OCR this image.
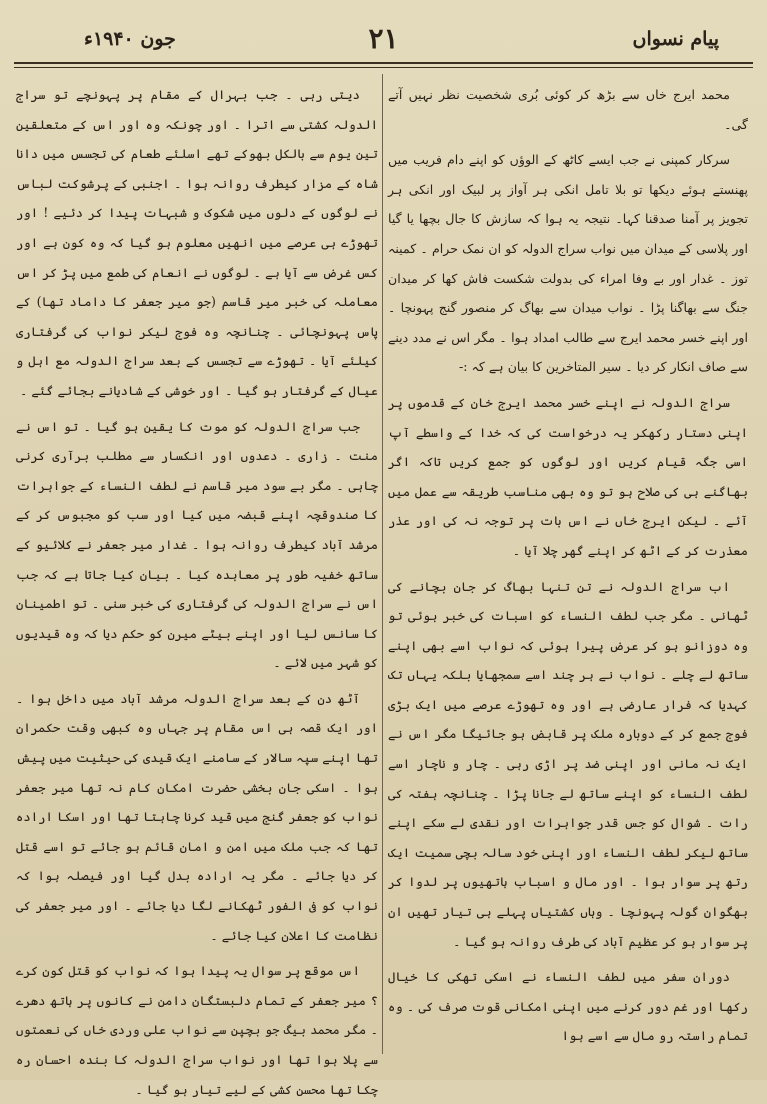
پیام نسواں
۲۱
جون ۱۹۴۰ء

محمد ایرج خاں سے بڑھ کر کوئی بُری شخصیت نظر نہیں آتے گی۔

سرکار کمپنی نے جب ایسے کاٹھ کے الوؤں کو اپنے دام فریب میں پھنستے ہوئے دیکھا تو بلا تامل انکی ہر آواز پر لبیک اور انکی ہر تجویز پر آمنا صدقنا کہا۔ نتیجہ یہ ہوا کہ سازش کا جال بچھا یا گیا اور پلاسی کے میدان میں نواب سراج الدولہ کو ان نمک حرام ۔ کمینہ توز ۔ غدار اور بے وفا امراء کی بدولت شکست فاش کھا کر میدان جنگ سے بھاگنا پڑا ۔ نواب میدان سے بھاگ کر منصور گنج پہونچا ۔ اور اپنے خسر محمد ایرج سے طالب امداد ہوا ۔ مگر اس نے مدد دینے سے صاف انکار کر دیا ۔ سیر المتاخرین کا بیان ہے کہ :-

سراج الدولہ نے اپنے خسر محمد ایرج خان کے قدموں پر اپنی دستار رکھکر یہ درخواست کی کہ خدا کے واسطے آپ اسی جگہ قیام کریں اور لوگوں کو جمع کریں تاکہ اگر بھاگنے ہی کی صلاح ہو تو وہ بھی مناسب طریقہ سے عمل میں آئے ۔ لیکن ایرج خاں نے اس بات پر توجہ نہ کی اور عذر معذرت کر کے اٹھ کر اپنے گھر چلا آیا ۔

اب سراج الدولہ نے تن تنہا بھاگ کر جان بچانے کی ٹھانی ۔ مگر جب لطف النساء کو اسبات کی خبر ہوئی تو وہ دوزانو ہو کر عرض پیرا ہوئی کہ نواب اسے بھی اپنے ساتھ لے چلے ۔ نواب نے ہر چند اسے سمجھایا بلکہ یہاں تک کہدیا کہ فرار عارضی ہے اور وہ تھوڑے عرصے میں ایک بڑی فوج جمع کر کے دوبارہ ملک پر قابض ہو جائیگا مگر اس نے ایک نہ مانی اور اپنی ضد پر اڑی رہی ۔ چار و ناچار اسے لطف النساء کو اپنے ساتھ لے جانا پڑا ۔ چنانچہ ہفتہ کی رات ۔ شوال کو جس قدر جواہرات اور نقدی لے سکے اپنے ساتھ لیکر لطف النساء اور اپنی خود سالہ بچی سمیت ایک رتھ پر سوار ہوا ۔ اور مال و اسباب ہاتھیوں پر لدوا کر بھگوان گولہ پہونچا ۔ وہاں کشتیاں پہلے ہی تیار تھیں ان پر سوار ہو کر عظیم آباد کی طرف روانہ ہو گیا ۔

دوران سفر میں لطف النساء نے اسکی تھکی کا خیال رکھا اور غم دور کرنے میں اپنی امکانی قوت صرف کی ۔ وہ تمام راستہ رو مال سے اسے ہوا

دیتی رہی ۔ جب بہرال کے مقام پر پہونچے تو سراج الدولہ کشتی سے اترا ۔ اور چونکہ وہ اور اس کے متعلقین تین یوم سے بالکل بھوکے تھے اسلئے طعام کی تجسس میں دانا شاہ کے مزار کیطرف روانہ ہوا ۔ اجنبی کے پرشوکت لباس نے لوگوں کے دلوں میں شکوک و شبہات پیدا کر دئیے ! اور تھوڑے ہی عرصے میں انھیں معلوم ہو گیا کہ وہ کون ہے اور کس غرض سے آیا ہے ۔ لوگوں نے انعام کی طمع میں پڑ کر اس معاملہ کی خبر میر قاسم (جو میر جعفر کا داماد تھا) کے پاس پہونچائی ۔ چنانچہ وہ فوج لیکر نواب کی گرفتاری کیلئے آیا ۔ تھوڑے سے تجسس کے بعد سراج الدولہ مع اہل و عیال کے گرفتار ہو گیا ۔ اور خوشی کے شادیانے بجائے گئے ۔

جب سراج الدولہ کو موت کا یقین ہو گیا ۔ تو اس نے منت ۔ زاری ۔ دعدوں اور انکسار سے مطلب برآری کرنی چاہی ۔ مگر بے سود میر قاسم نے لطف النساء کے جواہرات کا صندوقچہ اپنے قبضہ میں کیا اور سب کو مجبوس کر کے مرشد آباد کیطرف روانہ ہوا ۔ غدار میر جعفر نے کلائیو کے ساتھ خفیہ طور پر معاہدہ کیا ۔ بیان کیا جاتا ہے کہ جب اس نے سراج الدولہ کی گرفتاری کی خبر سنی ۔ تو اطمینان کا سانس لیا اور اپنے بیٹے میرن کو حکم دیا کہ وہ قیدیوں کو شہر میں لائے ۔

آٹھ دن کے بعد سراج الدولہ مرشد آباد میں داخل ہوا ۔ اور ایک قصہ ہی اس مقام پر جہاں وہ کبھی وقت حکمران تھا اپنے سپہ سالار کے سامنے ایک قیدی کی حیثیت میں پیش ہوا ۔ اسکی جان بخشی حضرت امکان کام نہ تھا میر جعفر نواب کو جعفر گنج میں قید کرنا چاہتا تھا اور اسکا ارادہ تھا کہ جب ملک میں امن و امان قائم ہو جائے تو اسے قتل کر دیا جائے ۔ مگر یہ ارادہ بدل گیا اور فیصلہ ہوا کہ نواب کو فی الفور ٹھکانے لگا دیا جائے ۔ اور میر جعفر کی نظامت کا اعلان کیا جائے ۔

اس موقع پر سوال یہ پیدا ہوا کہ نواب کو قتل کون کرے ؟ میر جعفر کے تمام دلبستگان دامن نے کانوں پر ہاتھ دھرے ۔ مگر محمد بیگ جو بچپن سے نواب علی وردی خاں کی نعمتوں سے پلا ہوا تھا اور نواب سراج الدولہ کا بندہ احسان رہ چکا تھا محسن کشی کے لیے تیار ہو گیا ۔
